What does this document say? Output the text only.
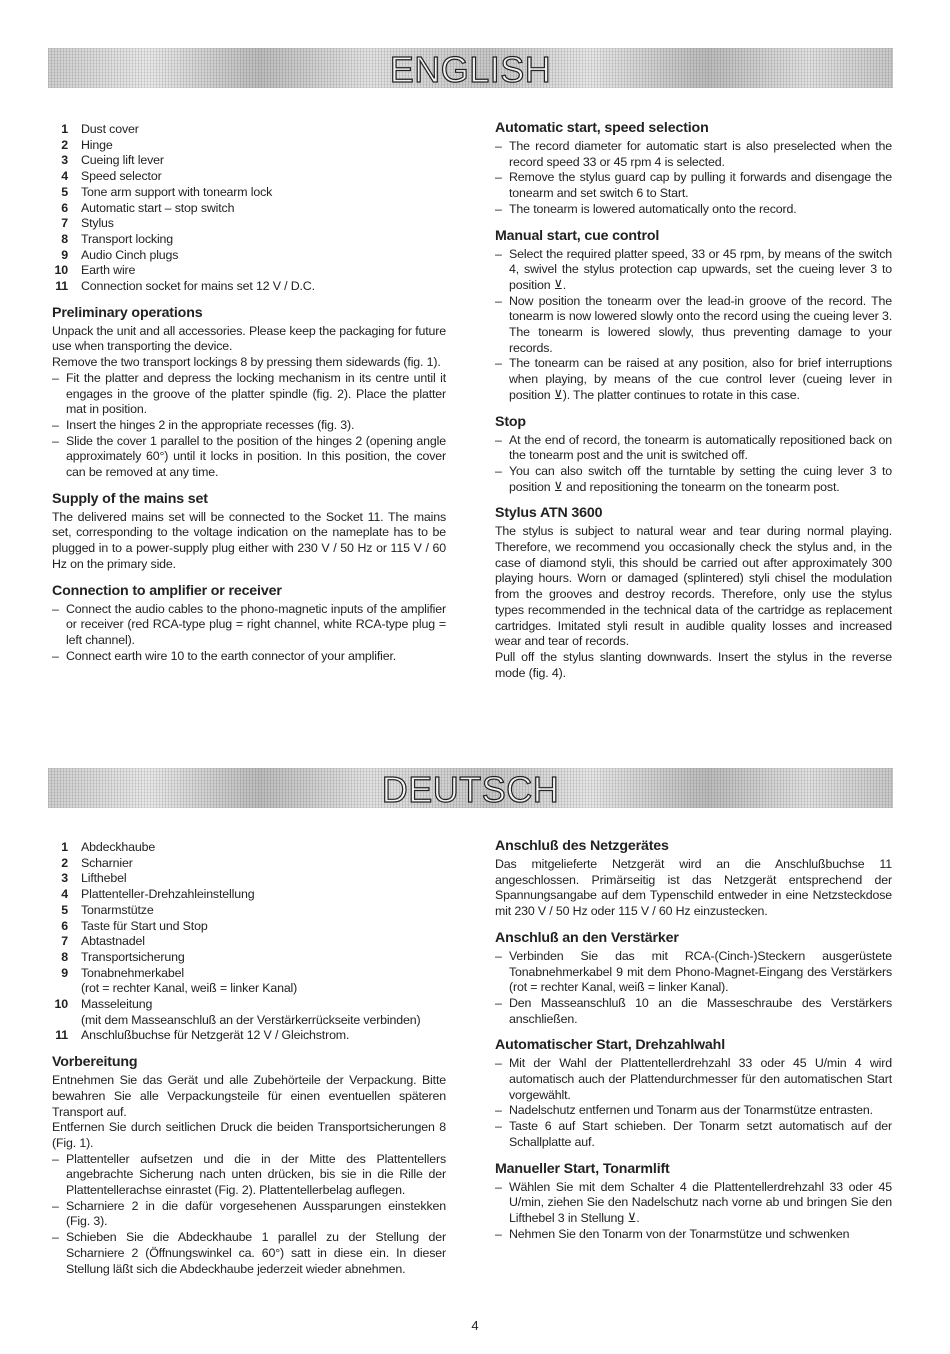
ENGLISH
1 Dust cover
2 Hinge
3 Cueing lift lever
4 Speed selector
5 Tone arm support with tonearm lock
6 Automatic start – stop switch
7 Stylus
8 Transport locking
9 Audio Cinch plugs
10 Earth wire
11 Connection socket for mains set 12 V / D.C.
Preliminary operations

Unpack the unit and all accessories. Please keep the packaging for future use when transporting the device.

Remove the two transport lockings 8 by pressing them sidewards (fig. 1).

– Fit the platter and depress the locking mechanism in its centre until it engages in the groove of the platter spindle (fig. 2). Place the platter mat in position.
– Insert the hinges 2 in the appropriate recesses (fig. 3).
– Slide the cover 1 parallel to the position of the hinges 2 (opening angle approximately 60°) until it locks in position. In this position, the cover can be removed at any time.
Supply of the mains set

The delivered mains set will be connected to the Socket 11. The mains set, corresponding to the voltage indication on the nameplate has to be plugged in to a power-supply plug either with 230 V / 50 Hz or 115 V / 60 Hz on the primary side.

Connection to amplifier or receiver
– Connect the audio cables to the phono-magnetic inputs of the amplifier or receiver (red RCA-type plug = right channel, white RCA-type plug = left channel).
– Connect earth wire 10 to the earth connector of your amplifier.
Automatic start, speed selection
– The record diameter for automatic start is also preselected when the record speed 33 or 45 rpm 4 is selected.
– Remove the stylus guard cap by pulling it forwards and disengage the tonearm and set switch 6 to Start.
– The tonearm is lowered automatically onto the record.
Manual start, cue control
– Select the required platter speed, 33 or 45 rpm, by means of the switch 4, swivel the stylus protection cap upwards, set the cueing lever 3 to position ⊻.
– Now position the tonearm over the lead-in groove of the record. The tonearm is now lowered slowly onto the record using the cueing lever 3. The tonearm is lowered slowly, thus preventing damage to your records.
– The tonearm can be raised at any position, also for brief interruptions when playing, by means of the cue control lever (cueing lever in position ⊻). The platter continues to rotate in this case.
Stop
– At the end of record, the tonearm is automatically repositioned back on the tonearm post and the unit is switched off.
– You can also switch off the turntable by setting the cuing lever 3 to position ⊻ and repositioning the tonearm on the tonearm post.
Stylus ATN 3600

The stylus is subject to natural wear and tear during normal playing. Therefore, we recommend you occasionally check the stylus and, in the case of diamond styli, this should be carried out after approximately 300 playing hours. Worn or damaged (splintered) styli chisel the modulation from the grooves and destroy records. Therefore, only use the stylus types recommended in the technical data of the cartridge as replacement cartridges. Imitated styli result in audible quality losses and increased wear and tear of records.

Pull off the stylus slanting downwards. Insert the stylus in the reverse mode (fig. 4).

DEUTSCH
1 Abdeckhaube
2 Scharnier
3 Lifthebel
4 Plattenteller-Drehzahleinstellung
5 Tonarmstütze
6 Taste für Start und Stop
7 Abtastnadel
8 Transportsicherung
9 Tonabnehmerkabel
(rot = rechter Kanal, weiß = linker Kanal)
10 Masseleitung
(mit dem Masseanschluß an der Verstärkerrückseite verbinden)
11 Anschlußbuchse für Netzgerät 12 V / Gleichstrom.
Vorbereitung

Entnehmen Sie das Gerät und alle Zubehörteile der Verpackung. Bitte bewahren Sie alle Verpackungsteile für einen eventuellen späteren Transport auf.

Entfernen Sie durch seitlichen Druck die beiden Transportsicherungen 8 (Fig. 1).

– Plattenteller aufsetzen und die in der Mitte des Plattentellers angebrachte Sicherung nach unten drücken, bis sie in die Rille der Plattentellerachse einrastet (Fig. 2). Plattentellerbelag auflegen.
– Scharniere 2 in die dafür vorgesehenen Aussparungen einstekken (Fig. 3).
– Schieben Sie die Abdeckhaube 1 parallel zu der Stellung der Scharniere 2 (Öffnungswinkel ca. 60°) satt in diese ein. In dieser Stellung läßt sich die Abdeckhaube jederzeit wieder abnehmen.
Anschluß des Netzgerätes

Das mitgelieferte Netzgerät wird an die Anschlußbuchse 11 angeschlossen. Primärseitig ist das Netzgerät entsprechend der Spannungsangabe auf dem Typenschild entweder in eine Netzsteckdose mit 230 V / 50 Hz oder 115 V / 60 Hz einzustecken.

Anschluß an den Verstärker
– Verbinden Sie das mit RCA-(Cinch-)Steckern ausgerüstete Tonabnehmerkabel 9 mit dem Phono-Magnet-Eingang des Verstärkers (rot = rechter Kanal, weiß = linker Kanal).
– Den Masseanschluß 10 an die Masseschraube des Verstärkers anschließen.
Automatischer Start, Drehzahlwahl
– Mit der Wahl der Plattentellerdrehzahl 33 oder 45 U/min 4 wird automatisch auch der Plattendurchmesser für den automatischen Start vorgewählt.
– Nadelschutz entfernen und Tonarm aus der Tonarmstütze entrasten.
– Taste 6 auf Start schieben. Der Tonarm setzt automatisch auf der Schallplatte auf.
Manueller Start, Tonarmlift
– Wählen Sie mit dem Schalter 4 die Plattentellerdrehzahl 33 oder 45 U/min, ziehen Sie den Nadelschutz nach vorne ab und bringen Sie den Lifthebel 3 in Stellung ⊻.
– Nehmen Sie den Tonarm von der Tonarmstütze und schwenken
4
